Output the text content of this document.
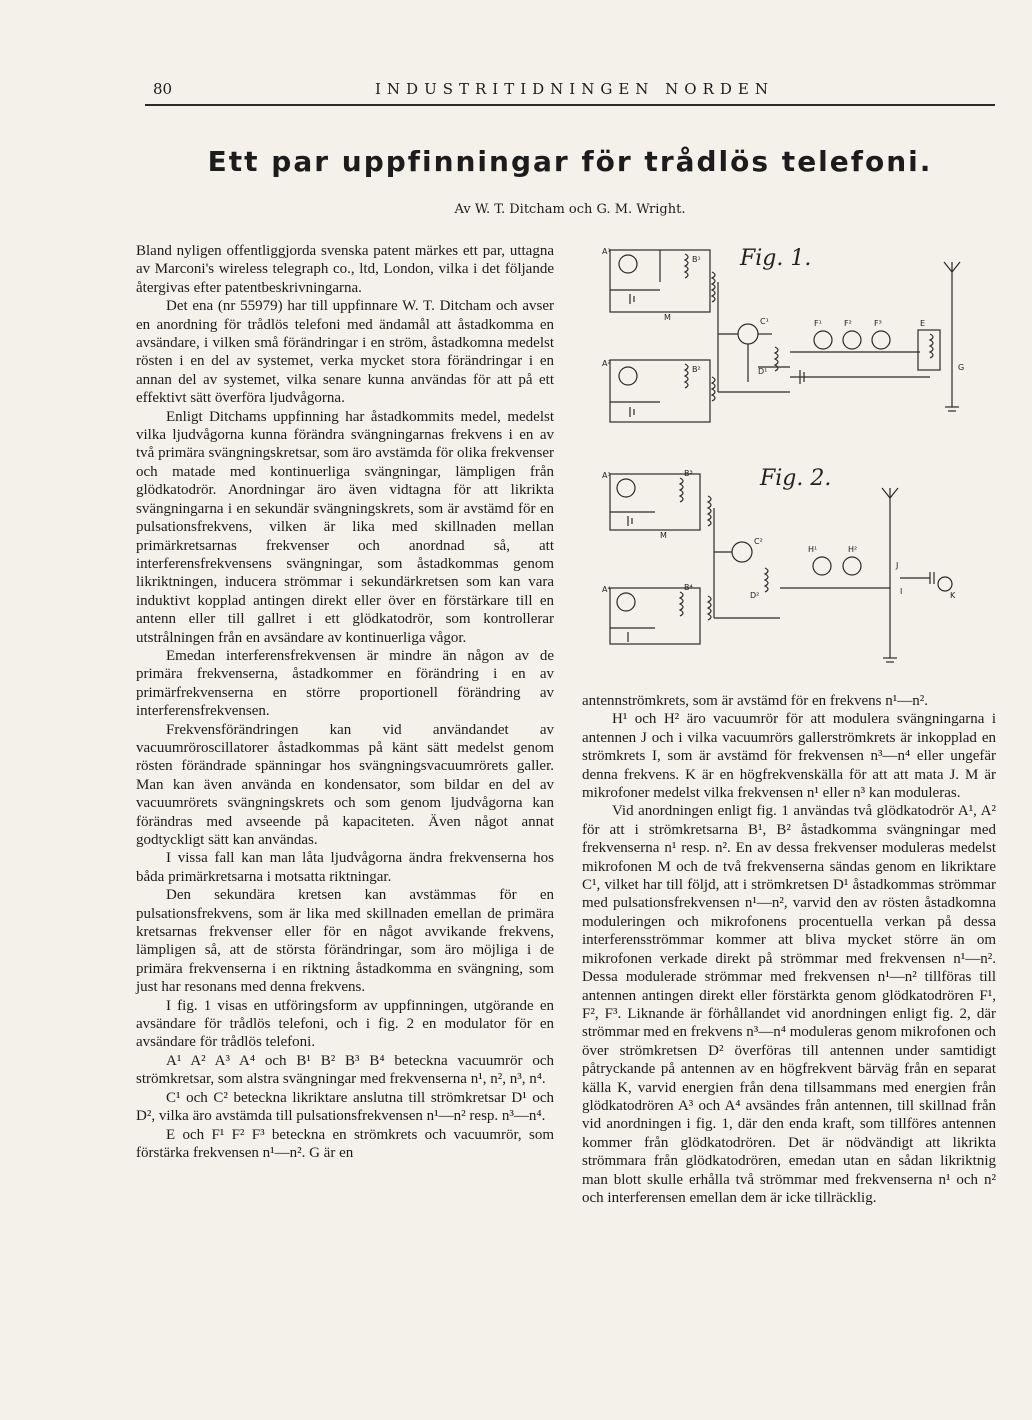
80	INDUSTRITIDNINGEN NORDEN
Ett par uppfinningar för trådlös telefoni.
Av W. T. Ditcham och G. M. Wright.

Bland nyligen offentliggjorda svenska patent märkes ett par, uttagna av Marconi's wireless telegraph co., ltd, London, vilka i det följande återgivas efter patentbeskrivningarna.

Det ena (nr 55979) har till uppfinnare W. T. Ditcham och avser en anordning för trådlös telefoni med ändamål att åstadkomma en avsändare, i vilken små förändringar i en ström, åstadkomna medelst rösten i en del av systemet, verka mycket stora förändringar i en annan del av systemet, vilka senare kunna användas för att på ett effektivt sätt överföra ljudvågorna.

Enligt Ditchams uppfinning har åstadkommits medel, medelst vilka ljudvågorna kunna förändra svängningarnas frekvens i en av två primära svängningskretsar, som äro avstämda för olika frekvenser och matade med kontinuerliga svängningar, lämpligen från glödkatodrör. Anordningar äro även vidtagna för att likrikta svängningarna i en sekundär svängningskrets, som är avstämd för en pulsationsfrekvens, vilken är lika med skillnaden mellan primärkretsarnas frekvenser och anordnad så, att interferensfrekvensens svängningar, som åstadkommas genom likriktningen, inducera strömmar i sekundärkretsen som kan vara induktivt kopplad antingen direkt eller över en förstärkare till en antenn eller till gallret i ett glödkatodrör, som kontrollerar utstrålningen från en avsändare av kontinuerliga vågor.

Emedan interferensfrekvensen är mindre än någon av de primära frekvenserna, åstadkommer en förändring i en av primärfrekvenserna en större proportionell förändring av interferensfrekvensen.

Frekvensförändringen kan vid användandet av vacuumröroscillatorer åstadkommas på känt sätt medelst genom rösten förändrade spänningar hos svängningsvacuumrörets galler. Man kan även använda en kondensator, som bildar en del av vacuumrörets svängningskrets och som genom ljudvågorna kan förändras med avseende på kapaciteten. Även något annat godtyckligt sätt kan användas.

I vissa fall kan man låta ljudvågorna ändra frekvenserna hos båda primärkretsarna i motsatta riktningar.

Den sekundära kretsen kan avstämmas för en pulsationsfrekvens, som är lika med skillnaden emellan de primära kretsarnas frekvenser eller för en något avvikande frekvens, lämpligen så, att de största förändringar, som äro möjliga i de primära frekvenserna i en riktning åstadkomma en svängning, som just har resonans med denna frekvens.

I fig. 1 visas en utföringsform av uppfinningen, utgörande en avsändare för trådlös telefoni, och i fig. 2 en modulator för en avsändare för trådlös telefoni.

A¹ A² A³ A⁴ och B¹ B² B³ B⁴ beteckna vacuumrör och strömkretsar, som alstra svängningar med frekvenserna n¹, n², n³, n⁴.

C¹ och C² beteckna likriktare anslutna till strömkretsar D¹ och D², vilka äro avstämda till pulsationsfrekvensen n¹—n² resp. n³—n⁴.

E och F¹ F² F³ beteckna en strömkrets och vacuumrör, som förstärka frekvensen n¹—n². G är en

A¹
B¹
M
A²
B²
C¹
D¹
F¹	F²	F³	E
G
Fig. 1.
A³	B³
M
A⁴	B⁴
C²
D²
H¹	H²
J
I	K
Fig. 2.

antennströmkrets, som är avstämd för en frekvens n¹—n².

H¹ och H² äro vacuumrör för att modulera svängningarna i antennen J och i vilka vacuumrörs gallerströmkrets är inkopplad en strömkrets I, som är avstämd för frekvensen n³—n⁴ eller ungefär denna frekvens. K är en högfrekvenskälla för att att mata J. M är mikrofoner medelst vilka frekvensen n¹ eller n³ kan moduleras.

Vid anordningen enligt fig. 1 användas två glödkatodrör A¹, A² för att i strömkretsarna B¹, B² åstadkomma svängningar med frekvenserna n¹ resp. n². En av dessa frekvenser moduleras medelst mikrofonen M och de två frekvenserna sändas genom en likriktare C¹, vilket har till följd, att i strömkretsen D¹ åstadkommas strömmar med pulsationsfrekvensen n¹—n², varvid den av rösten åstadkomna moduleringen och mikrofonens procentuella verkan på dessa interferensströmmar kommer att bliva mycket större än om mikrofonen verkade direkt på strömmar med frekvensen n¹—n². Dessa modulerade strömmar med frekvensen n¹—n² tillföras till antennen antingen direkt eller förstärkta genom glödkatodrören F¹, F², F³. Liknande är förhållandet vid anordningen enligt fig. 2, där strömmar med en frekvens n³—n⁴ moduleras genom mikrofonen och över strömkretsen D² överföras till antennen under samtidigt påtryckande på antennen av en högfrekvent bärväg från en separat källa K, varvid energien från dena tillsammans med energien från glödkatodrören A³ och A⁴ avsändes från antennen, till skillnad från vid anordningen i fig. 1, där den enda kraft, som tillföres antennen kommer från glödkatodrören. Det är nödvändigt att likrikta strömmara från glödkatodrören, emedan utan en sådan likriktnig man blott skulle erhålla två strömmar med frekvenserna n¹ och n² och interferensen emellan dem är icke tillräcklig.
